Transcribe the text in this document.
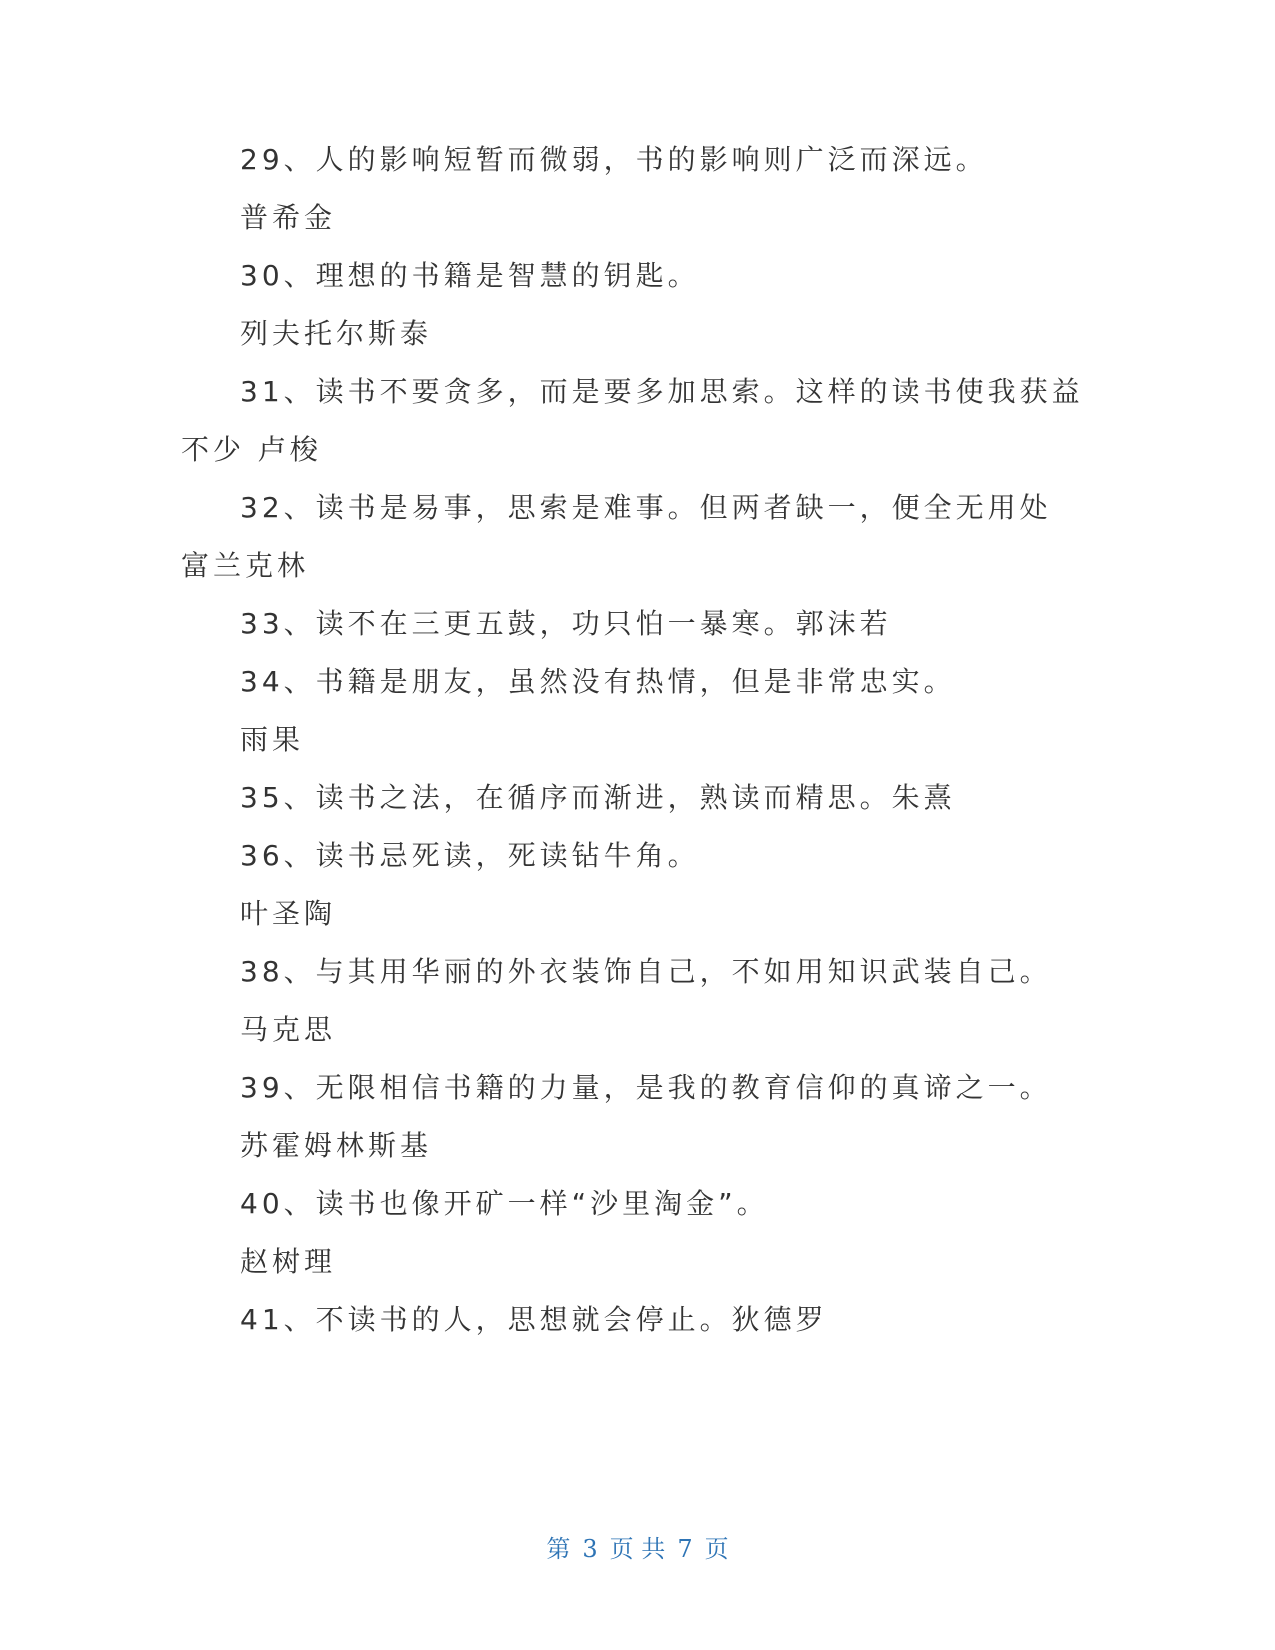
29、人的影响短暂而微弱，书的影响则广泛而深远。
普希金
30、理想的书籍是智慧的钥匙。
列夫托尔斯泰
31、读书不要贪多，而是要多加思索。这样的读书使我获益
不少 卢梭
32、读书是易事，思索是难事。但两者缺一，便全无用处
富兰克林
33、读不在三更五鼓，功只怕一暴寒。郭沫若
34、书籍是朋友，虽然没有热情，但是非常忠实。
雨果
35、读书之法，在循序而渐进，熟读而精思。朱熹
36、读书忌死读，死读钻牛角。
叶圣陶
38、与其用华丽的外衣装饰自己，不如用知识武装自己。
马克思
39、无限相信书籍的力量，是我的教育信仰的真谛之一。
苏霍姆林斯基
40、读书也像开矿一样“沙里淘金”。
赵树理
41、不读书的人，思想就会停止。狄德罗
第 3 页 共 7 页
